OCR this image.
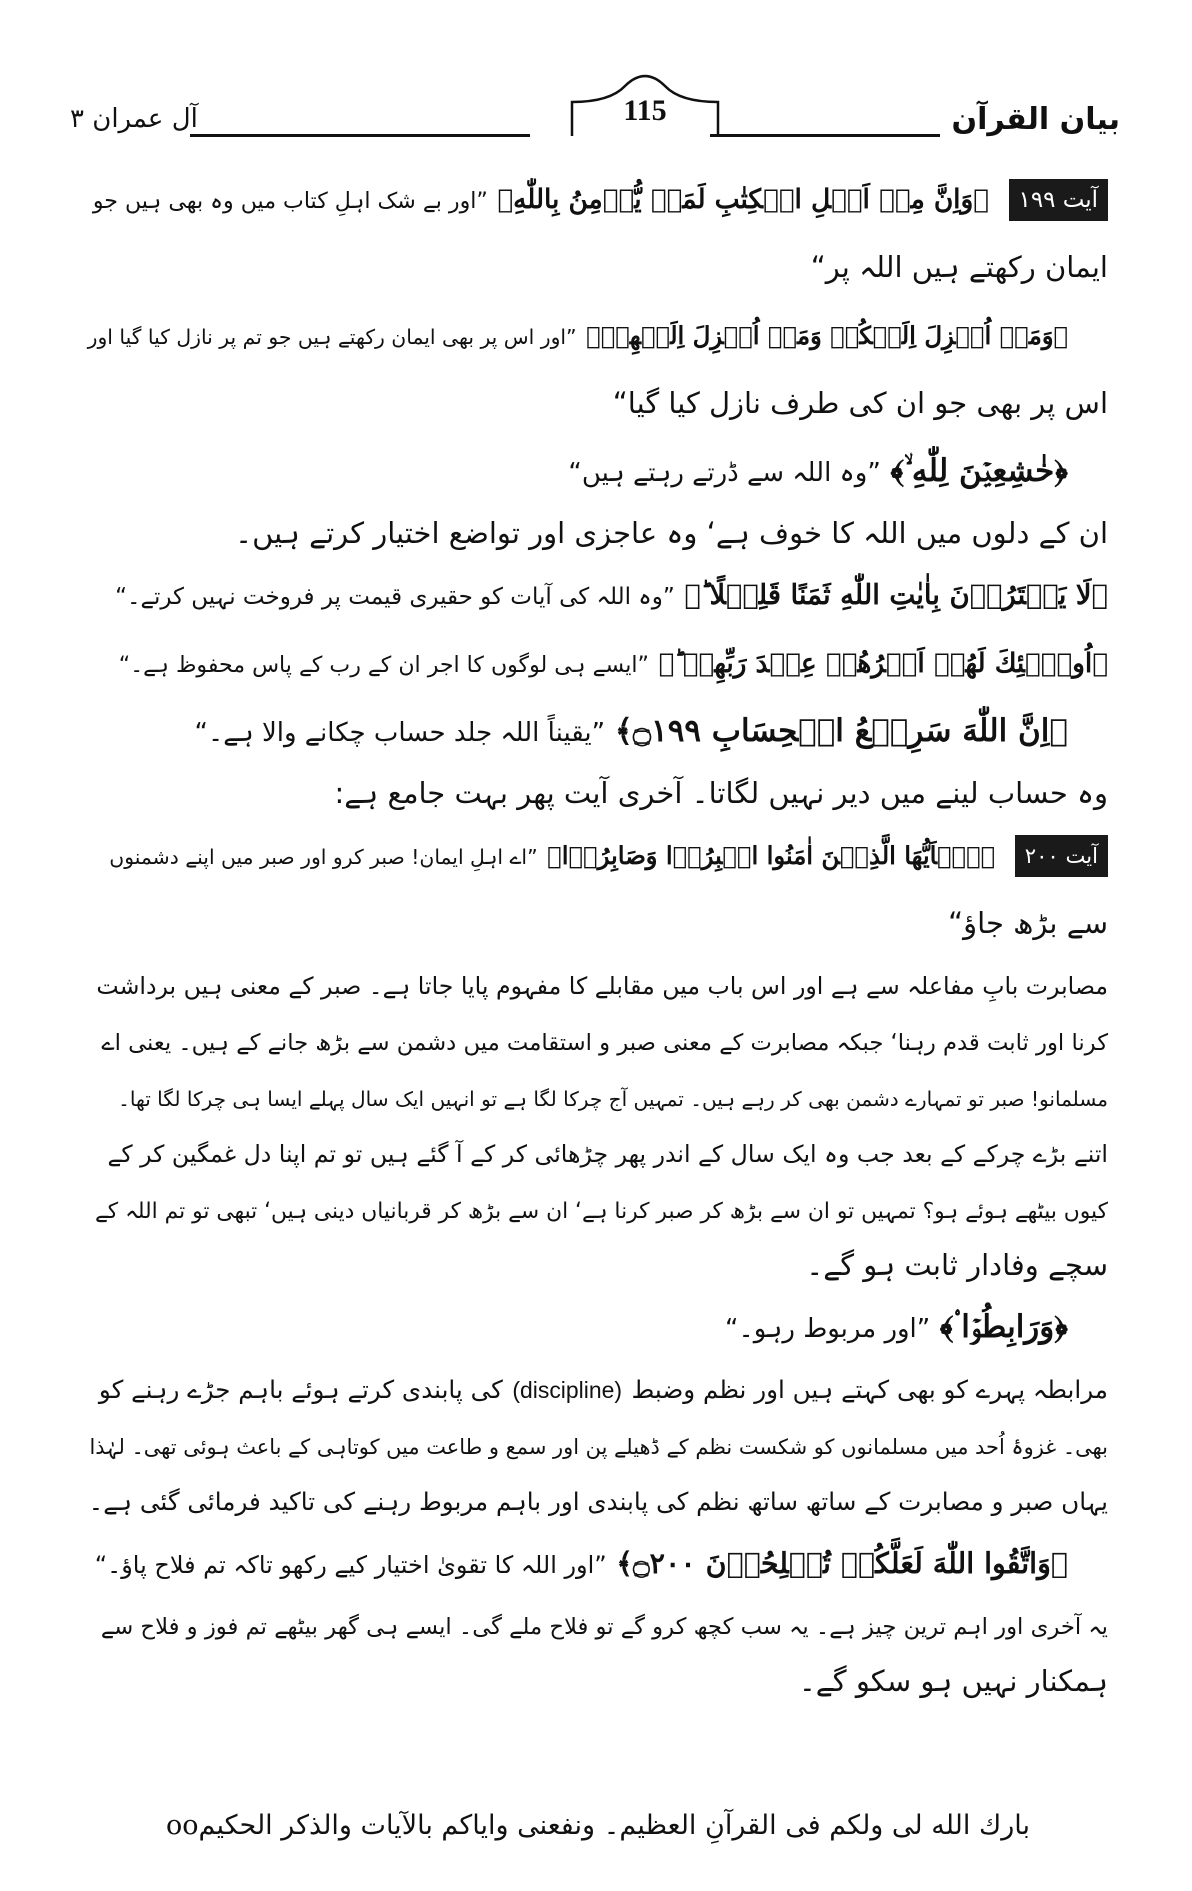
بیان القرآن
115
آل عمران ۳
آیت ۱۹۹ ﴿وَاِنَّ مِنۡ اَهۡلِ الۡكِتٰبِ لَمَنۡ يُّؤۡمِنُ بِاللّٰهِ﴾ ”اور بے شک اہلِ کتاب میں وہ بھی ہیں جو
ایمان رکھتے ہیں اللہ پر“
﴿وَمَاۤ اُنۡزِلَ اِلَيۡكُمۡ وَمَاۤ اُنۡزِلَ اِلَيۡهِمۡ﴾ ”اور اس پر بھی ایمان رکھتے ہیں جو تم پر نازل کیا گیا اور
اس پر بھی جو ان کی طرف نازل کیا گیا“
﴿خٰشِعِيۡنَ لِلّٰهِ ۙ﴾ ”وہ اللہ سے ڈرتے رہتے ہیں“
ان کے دلوں میں اللہ کا خوف ہے‘ وہ عاجزی اور تواضع اختیار کرتے ہیں۔
﴿لَا يَشۡتَرُوۡنَ بِاٰيٰتِ اللّٰهِ ثَمَنًا قَلِيۡلًا ؕ﴾ ”وہ اللہ کی آیات کو حقیری قیمت پر فروخت نہیں کرتے۔“
﴿اُولٰۤئِكَ لَهُمۡ اَجۡرُهُمۡ عِنۡدَ رَبِّهِمۡ ؕ﴾ ”ایسے ہی لوگوں کا اجر ان کے رب کے پاس محفوظ ہے۔“
﴿اِنَّ اللّٰهَ سَرِيۡعُ الۡحِسَابِ ۝۱۹۹﴾ ”یقیناً اللہ جلد حساب چکانے والا ہے۔“
وہ حساب لینے میں دیر نہیں لگاتا۔ آخری آیت پھر بہت جامع ہے:
آیت ۲۰۰ ﴿يٰۤاَيُّهَا الَّذِيۡنَ اٰمَنُوا اصۡبِرُوۡا وَصَابِرُوۡا﴾ ”اے اہلِ ایمان! صبر کرو اور صبر میں اپنے دشمنوں
سے بڑھ جاؤ“
مصابرت بابِ مفاعلہ سے ہے اور اس باب میں مقابلے کا مفہوم پایا جاتا ہے۔ صبر کے معنی ہیں برداشت
کرنا اور ثابت قدم رہنا‘ جبکہ مصابرت کے معنی صبر و استقامت میں دشمن سے بڑھ جانے کے ہیں۔ یعنی اے
مسلمانو! صبر تو تمہارے دشمن بھی کر رہے ہیں۔ تمہیں آج چرکا لگا ہے تو انہیں ایک سال پہلے ایسا ہی چرکا لگا تھا۔
اتنے بڑے چرکے کے بعد جب وہ ایک سال کے اندر پھر چڑھائی کر کے آ گئے ہیں تو تم اپنا دل غمگین کر کے
کیوں بیٹھے ہوئے ہو؟ تمہیں تو ان سے بڑھ کر صبر کرنا ہے‘ ان سے بڑھ کر قربانیاں دینی ہیں‘ تبھی تو تم اللہ کے
سچے وفادار ثابت ہو گے۔
﴿وَرَابِطُوۡا ۟﴾ ”اور مربوط رہو۔“
مرابطہ پہرے کو بھی کہتے ہیں اور نظم وضبط (discipline) کی پابندی کرتے ہوئے باہم جڑے رہنے کو
بھی۔ غزوۂ اُحد میں مسلمانوں کو شکست نظم کے ڈھیلے پن اور سمع و طاعت میں کوتاہی کے باعث ہوئی تھی۔ لہٰذا
یہاں صبر و مصابرت کے ساتھ ساتھ نظم کی پابندی اور باہم مربوط رہنے کی تاکید فرمائی گئی ہے۔
﴿وَاتَّقُوا اللّٰهَ لَعَلَّكُمۡ تُفۡلِحُوۡنَ ۝۲۰۰﴾ ”اور اللہ کا تقویٰ اختیار کیے رکھو تاکہ تم فلاح پاؤ۔“
یہ آخری اور اہم ترین چیز ہے۔ یہ سب کچھ کرو گے تو فلاح ملے گی۔ ایسے ہی گھر بیٹھے تم فوز و فلاح سے
ہمکنار نہیں ہو سکو گے۔
بارك الله لى ولكم فى القرآنِ العظيم۔ ونفعنى وایاكم بالآیات والذكر الحكیمoo
